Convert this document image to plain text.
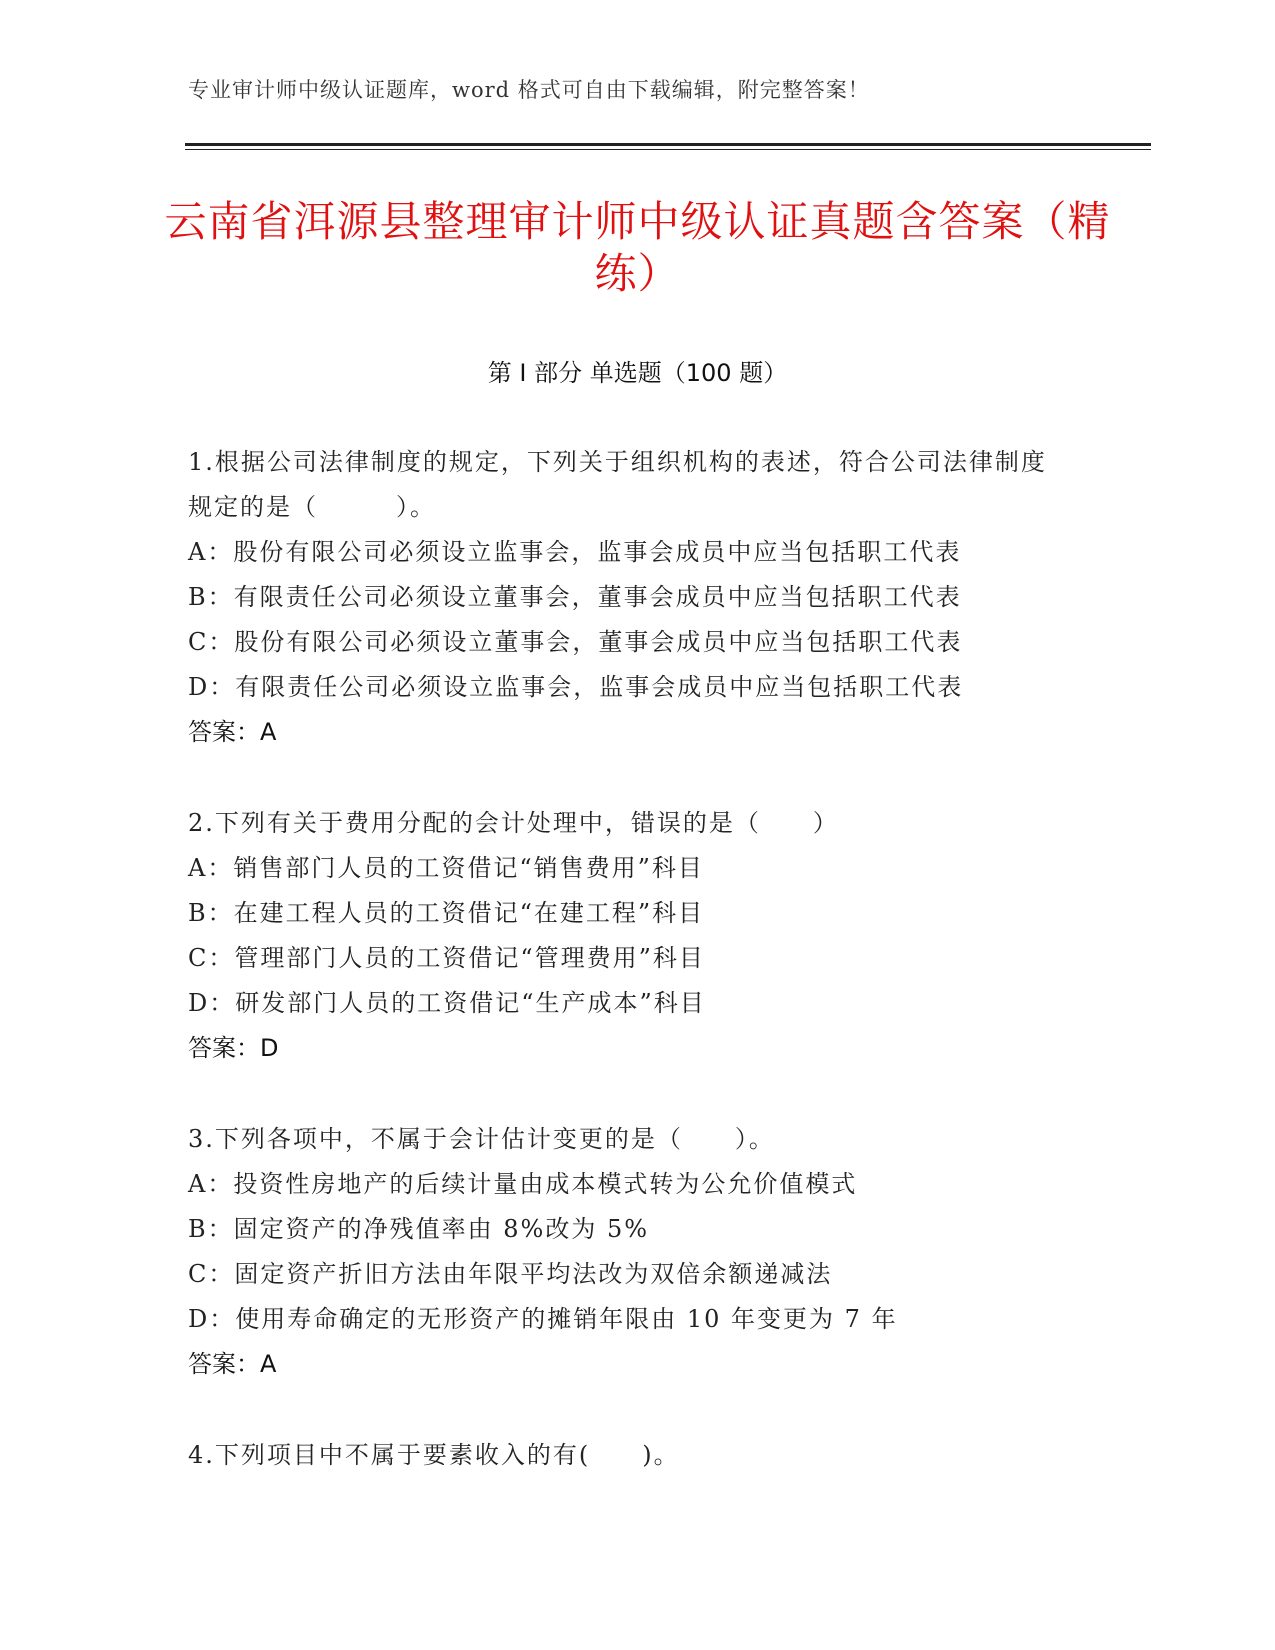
专业审计师中级认证题库，word 格式可自由下载编辑，附完整答案！
云南省洱源县整理审计师中级认证真题含答案（精练）
第 I 部分 单选题（100 题）
1.根据公司法律制度的规定，下列关于组织机构的表述，符合公司法律制度规定的是（　　　）。
A：股份有限公司必须设立监事会，监事会成员中应当包括职工代表
B：有限责任公司必须设立董事会，董事会成员中应当包括职工代表
C：股份有限公司必须设立董事会，董事会成员中应当包括职工代表
D：有限责任公司必须设立监事会，监事会成员中应当包括职工代表
答案：A
2.下列有关于费用分配的会计处理中，错误的是（　　）
A：销售部门人员的工资借记“销售费用”科目
B：在建工程人员的工资借记“在建工程”科目
C：管理部门人员的工资借记“管理费用”科目
D：研发部门人员的工资借记“生产成本”科目
答案：D
3.下列各项中，不属于会计估计变更的是（　　）。
A：投资性房地产的后续计量由成本模式转为公允价值模式
B：固定资产的净残值率由 8%改为 5%
C：固定资产折旧方法由年限平均法改为双倍余额递减法
D：使用寿命确定的无形资产的摊销年限由 10 年变更为 7 年
答案：A
4.下列项目中不属于要素收入的有(　　)。
